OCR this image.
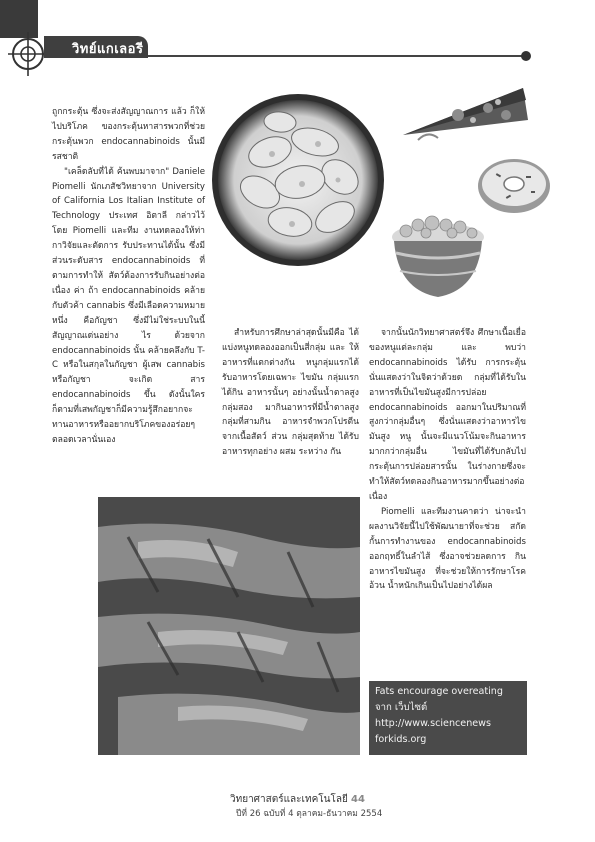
วิทย์แกเลอรี

ถูกกระตุ้น ซึ่งจะส่งสัญญาณการ แล้ว ก็ให้ไปบริโภค ของกระตุ้นหาสารพวกที่ช่วยกระตุ้นพวก endocannabinoids นั้นมีรสชาติ

"เคล็ดลับที่ได้ ค้นพบมาจาก" Daniele Piomelli นักเภสัชวิทยาจาก University of California Los Italian Institute of Technology ประเทศ อิตาลี กล่าวไว้ โดย Piomelli และทีม งานทดลองให้ท่ากาวิจัยและตัดการ รับประทานได้นั้น ซึ่งมีส่วนระดับสาร endocannabinoids ที่ตามการทำให้ สัตว์ต้องการรับกินอย่างต่อเนื่อง ค่า ถ้า endocannabinoids คล้ายกับตัวค้า cannabis ซึ่งมีเลือดความหมายหนึ่ง คือกัญชา ซึ่งมีไม่ใช่ระบบในนี้สัญญาณเด่นอย่าง ไร ด้วยจาก endocannabinoids นั้น คล้ายคลึงกับ T-C หรือในสกุลในกัญชา ผู้เสพ cannabis หรือกัญชา จะเกิด สาร endocannabinoids ขึ้น ดังนั้นใคร ก็ตามที่เสพกัญชาก็มีความรู้สึกอยากจะ ทานอาหารหรืออยากบริโภคของอร่อยๆ ตลอดเวลานั่นเอง

สำหรับการศึกษาล่าสุดนั้นมีคือ ได้แบ่งหนูทดลองออกเป็นสี่กลุ่ม และ ให้อาหารที่แตกต่างกัน หนูกลุ่มแรกได้ รับอาหารโดยเฉพาะ ไขมัน กลุ่มแรกได้กิน อาหารนั้นๆ อย่างนั้นน้ำตาลสูง กลุ่มสอง มากินอาหารที่มีน้ำตาลสูง กลุ่มที่สามกิน อาหารจำพวกโปรตีนจากเนื้อสัตว์ ส่วน กลุ่มสุดท้าย ได้รับอาหารทุกอย่าง ผสม ระหว่าง กัน

จากนั้นนักวิทยาศาสตร์จึง ศึกษาเนื้อเยื่อของหนูแต่ละกลุ่ม และ พบว่า endocannabinoids ได้รับ การกระตุ้น นั่นแสดงว่าในจิตว่าด้วยด กลุ่มที่ได้รับในอาหารที่เป็นไขมันสูงมีการปล่อย endocannabinoids ออกมาในปริมาณที่สูงกว่ากลุ่มอื่นๆ ซึ่งนั่นแสดงว่าอาหารไขมันสูง หนู นั้นจะมีแนวโน้มจะกินอาหารมากกว่ากลุ่มอื่น ไขมันที่ได้รับกลับไปกระตุ้นการปล่อยสารนั้น ในร่างกายซึ่งจะทำให้สัตว์ทดลองกินอาหารมากขึ้นอย่างต่อเนื่อง

Piomelli และทีมงานคาดว่า น่าจะนำผลงานวิจัยนี้ไปใช้พัฒนายาที่จะช่วย สกัดกั้นการทำงานของ endocannabinoids ออกฤทธิ์ในลำไส้ ซึ่งอาจช่วยลดการ กินอาหารไขมันสูง ที่จะช่วยให้การรักษาโรคอ้วน น้ำหนักเกินเป็นไปอย่างได้ผล

Fats encourage overeating จาก เว็บไซต์ http://www.sciencenews forkids.org
วิทยาศาสตร์และเทคโนโลยี 44
ปีที่ 26 ฉบับที่ 4 ตุลาคม-ธันวาคม 2554
